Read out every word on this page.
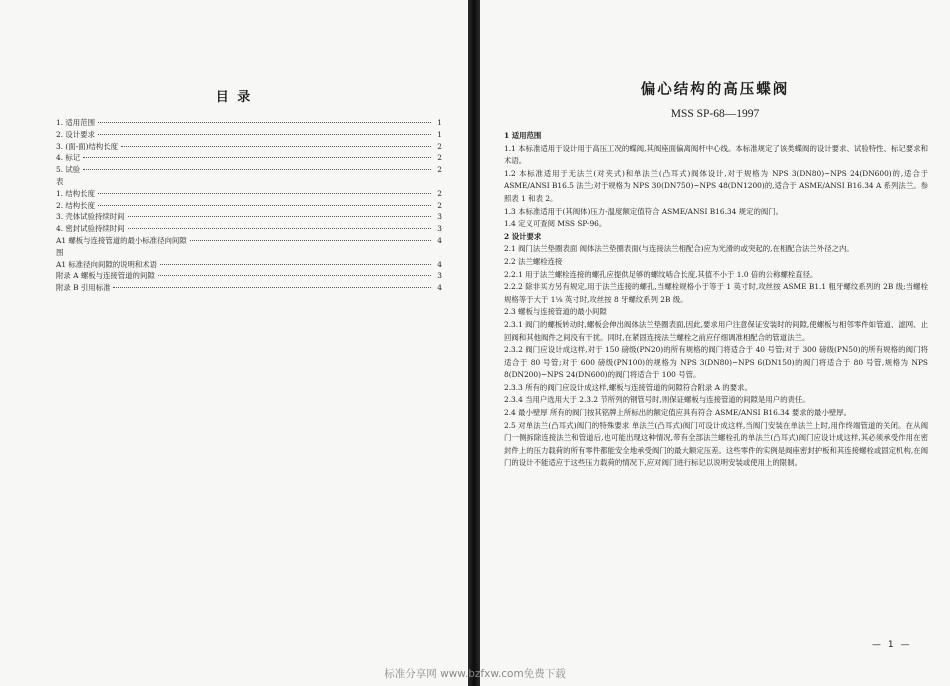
目 录
1. 适用范围	1
2. 设计要求	1
3. (面-面)结构长度	2
4. 标记	2
5. 试验	2
表
1. 结构长度	2
2. 结构长度	2
3. 壳体试验持续时间	3
4. 密封试验持续时间	3
A1 螺板与连接管道的最小标准径向间隙	4
图
A1 标准径向间隙的说明和术语	4
附录 A 螺板与连接管道的间隙	3
附录 B 引用标准	4
偏心结构的高压蝶阀
MSS SP-68—1997

1 适用范围

1.1 本标准适用于设计用于高压工况的蝶阀,其阀座面偏离阀杆中心线。本标准规定了该类蝶阀的设计要求、试验特性、标记要求和术语。

1.2 本标准适用于无法兰(对夹式)和单法兰(凸耳式)阀体设计,对于规格为 NPS 3(DN80)~NPS 24(DN600)的,适合于 ASME/ANSI B16.5 法兰;对于规格为 NPS 30(DN750)~NPS 48(DN1200)的,适合于 ASME/ANSI B16.34 A 系列法兰。参照表 1 和表 2。

1.3 本标准适用于(其阀体)压力-温度额定值符合 ASME/ANSI B16.34 规定的阀门。

1.4 定义可查阅 MSS SP-96。

2 设计要求

2.1 阀门法兰垫圈表面 阀体法兰垫圈表面(与连接法兰相配合)应为光滑的或突起的,在相配合法兰外径之内。

2.2 法兰螺栓连接

2.2.1 用于法兰螺栓连接的螺孔应提供足够的螺纹啮合长度,其值不小于 1.0 倍的公称螺栓直径。

2.2.2 除非买方另有规定,用于法兰连接的螺孔,当螺栓规格小于等于 1 英寸时,攻丝按 ASME B1.1 粗牙螺纹系列的 2B 级;当螺栓规格等于大于 1⅛ 英寸时,攻丝按 8 牙螺纹系列 2B 级。

2.3 螺板与连接管道的最小间隙

2.3.1 阀门的螺板转动时,螺板会伸出阀体法兰垫圈表面,因此,要求用户注意保证安装时的间隙,使螺板与相邻零件如管道、滤网、止回阀和其他阀件之间没有干扰。同时,在紧固连接法兰螺栓之前应仔细调准相配合的管道法兰。

2.3.2 阀门应设计成这样,对于 150 磅级(PN20)的所有规格的阀门将适合于 40 号管;对于 300 磅级(PN50)的所有规格的阀门将适合于 80 号管;对于 600 磅级(PN100)的规格为 NPS 3(DN80)~NPS 6(DN150)的阀门将适合于 80 号管,规格为 NPS 8(DN200)~NPS 24(DN600)的阀门将适合于 100 号管。

2.3.3 所有的阀门应设计成这样,螺板与连接管道的间隙符合附录 A 的要求。

2.3.4 当用户选用大于 2.3.2 节所列的钢管号时,则保证螺板与连接管道的间隙是用户的责任。

2.4 最小壁厚 所有的阀门按其铭牌上所标出的额定值应具有符合 ASME/ANSI B16.34 要求的最小壁厚。

2.5 对单法兰(凸耳式)阀门的特殊要求 单法兰(凸耳式)阀门可设计成这样,当阀门安装在单法兰上时,用作终端管道的关闭。在从阀门一侧拆除连接法兰和管道后,也可能出现这种情况,带有全部法兰螺栓孔的单法兰(凸耳式)阀门应设计成这样,其必须承受作用在密封件上的压力载荷的所有零件都能安全地承受阀门的最大额定压差。这些零件的实例是阀座密封护板和其连接螺栓或固定机构,在阀门的设计不能适应于这些压力载荷的情况下,应对阀门进行标记以说明安装或使用上的限制。

— 1 —
标准分享网 www.bzfxw.com免费下载
